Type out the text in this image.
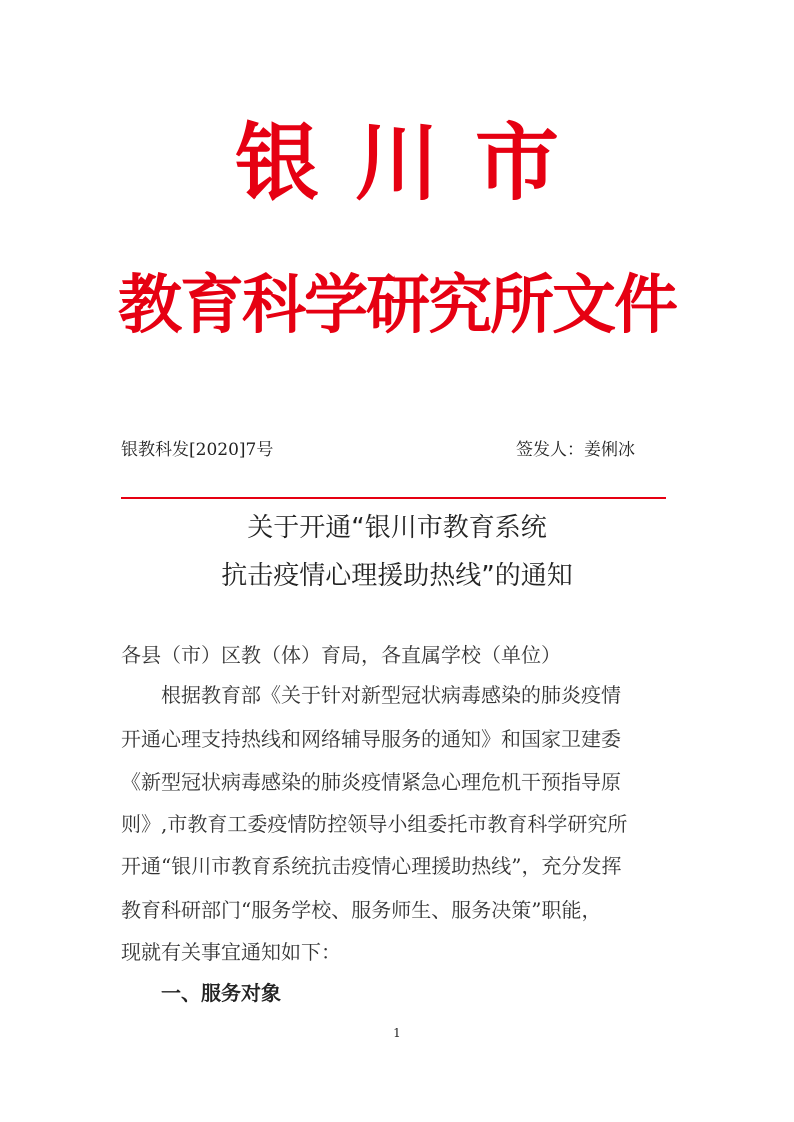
银川市
教育科学研究所文件
银教科发[2020]7号	签发人：姜俐冰
关于开通“银川市教育系统
抗击疫情心理援助热线”的通知
各县（市）区教（体）育局，各直属学校（单位）
根据教育部《关于针对新型冠状病毒感染的肺炎疫情
开通心理支持热线和网络辅导服务的通知》和国家卫建委
《新型冠状病毒感染的肺炎疫情紧急心理危机干预指导原
则》,市教育工委疫情防控领导小组委托市教育科学研究所
开通“银川市教育系统抗击疫情心理援助热线”，充分发挥
教育科研部门“服务学校、服务师生、服务决策”职能，
现就有关事宜通知如下：
一、服务对象
1
